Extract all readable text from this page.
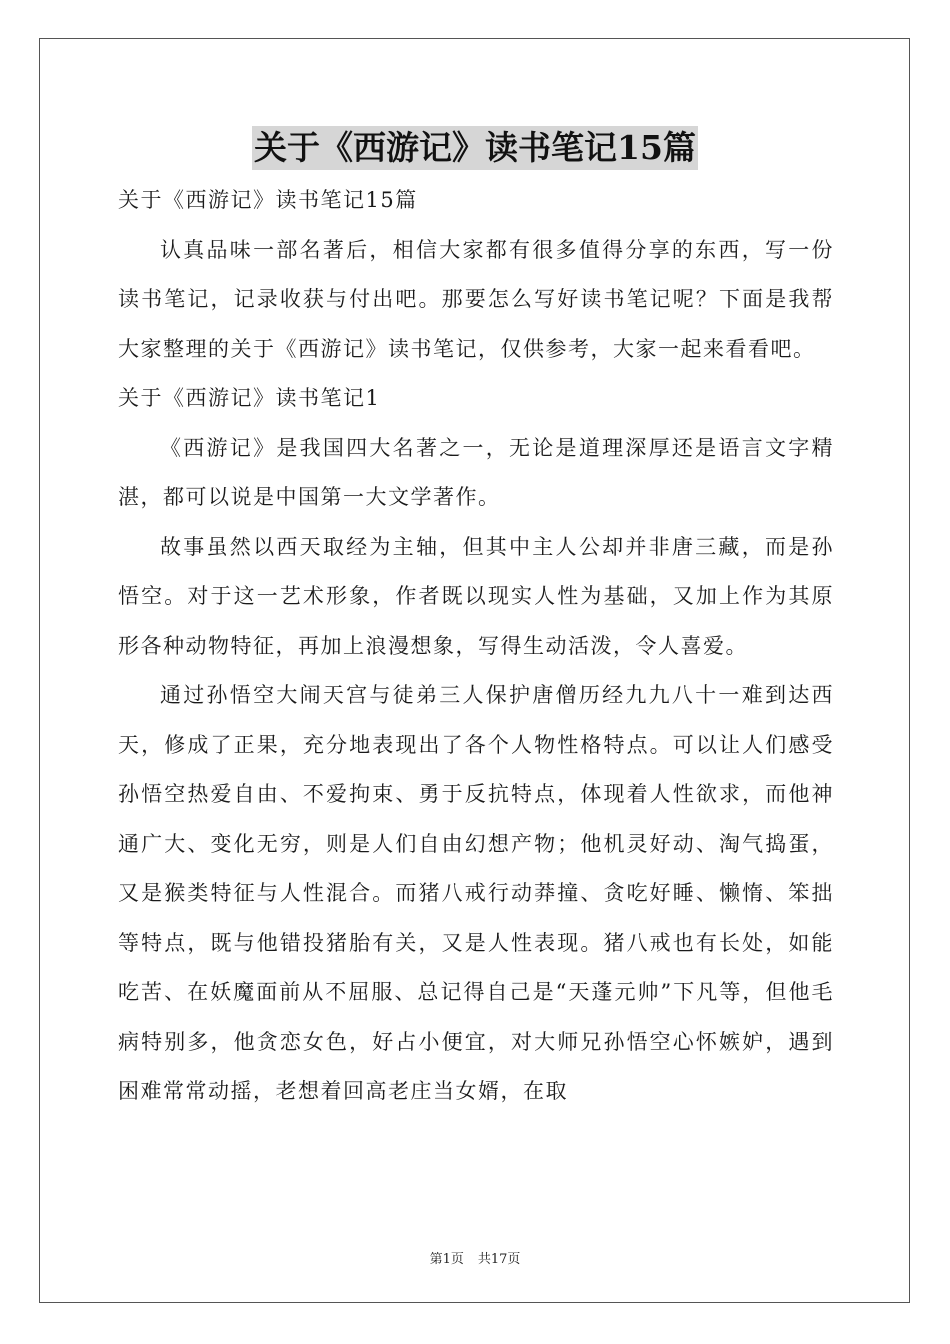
关于《西游记》读书笔记15篇

关于《西游记》读书笔记15篇

认真品味一部名著后，相信大家都有很多值得分享的东西，写一份读书笔记，记录收获与付出吧。那要怎么写好读书笔记呢？下面是我帮大家整理的关于《西游记》读书笔记，仅供参考，大家一起来看看吧。

关于《西游记》读书笔记1

《西游记》是我国四大名著之一，无论是道理深厚还是语言文字精湛，都可以说是中国第一大文学著作。

故事虽然以西天取经为主轴，但其中主人公却并非唐三藏，而是孙悟空。对于这一艺术形象，作者既以现实人性为基础，又加上作为其原形各种动物特征，再加上浪漫想象，写得生动活泼，令人喜爱。

通过孙悟空大闹天宫与徒弟三人保护唐僧历经九九八十一难到达西天，修成了正果，充分地表现出了各个人物性格特点。可以让人们感受孙悟空热爱自由、不爱拘束、勇于反抗特点，体现着人性欲求，而他神通广大、变化无穷，则是人们自由幻想产物；他机灵好动、淘气捣蛋，又是猴类特征与人性混合。而猪八戒行动莽撞、贪吃好睡、懒惰、笨拙等特点，既与他错投猪胎有关，又是人性表现。猪八戒也有长处，如能吃苦、在妖魔面前从不屈服、总记得自己是“天蓬元帅”下凡等，但他毛病特别多，他贪恋女色，好占小便宜，对大师兄孙悟空心怀嫉妒，遇到困难常常动摇，老想着回高老庄当女婿，在取

第1页 共17页
